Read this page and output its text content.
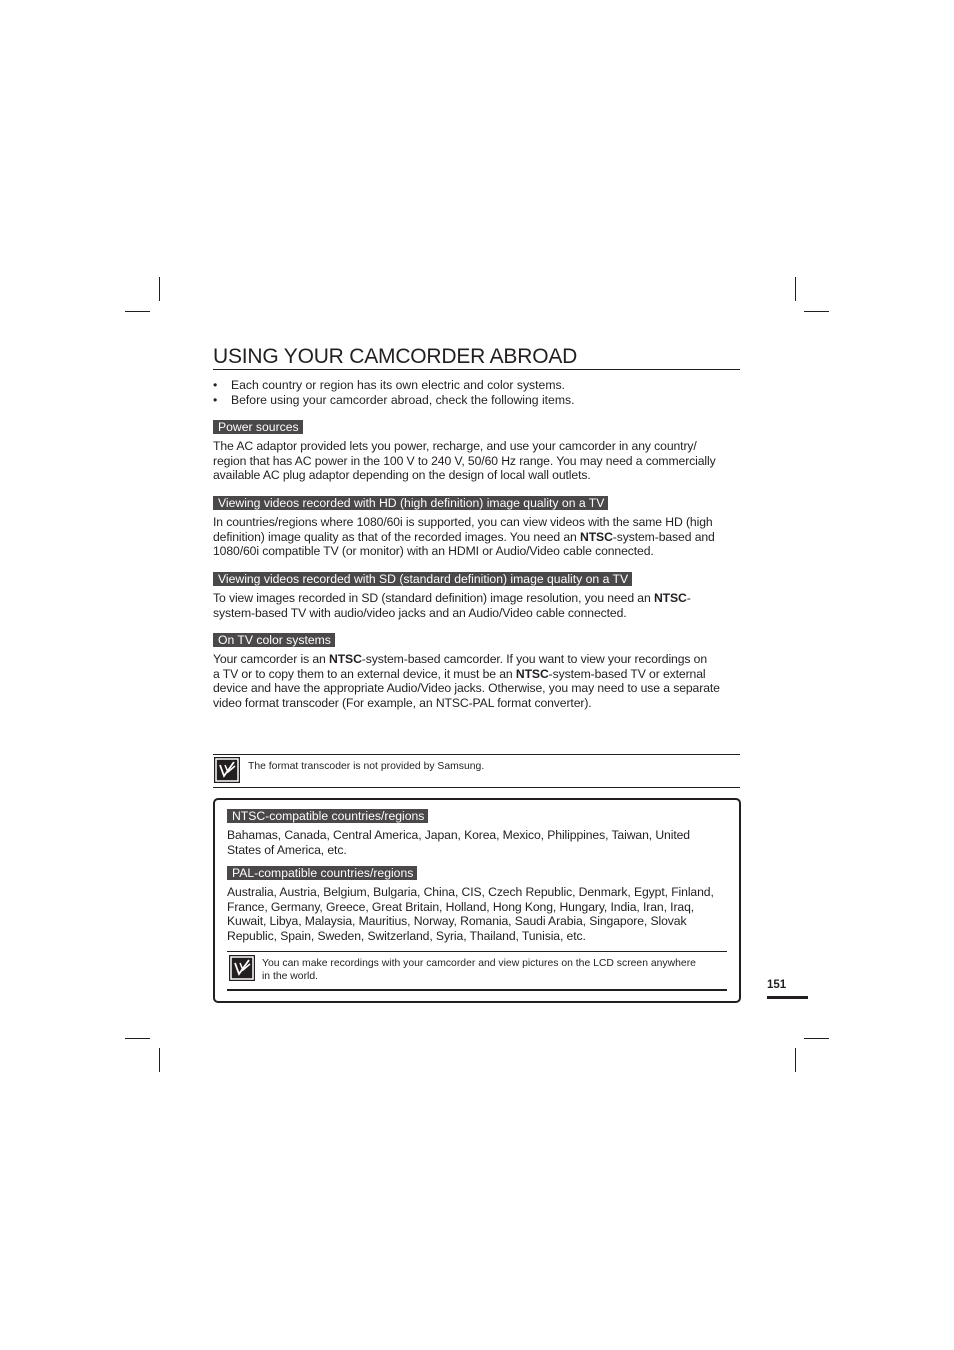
USING YOUR CAMCORDER ABROAD
• Each country or region has its own electric and color systems.
• Before using your camcorder abroad, check the following items.
Power sources
The AC adaptor provided lets you power, recharge, and use your camcorder in any country/
region that has AC power in the 100 V to 240 V, 50/60 Hz range. You may need a commercially
available AC plug adaptor depending on the design of local wall outlets.
Viewing videos recorded with HD (high definition) image quality on a TV
In countries/regions where 1080/60i is supported, you can view videos with the same HD (high
definition) image quality as that of the recorded images. You need an NTSC-system-based and
1080/60i compatible TV (or monitor) with an HDMI or Audio/Video cable connected.
Viewing videos recorded with SD (standard definition) image quality on a TV
To view images recorded in SD (standard definition) image resolution, you need an NTSC-
system-based TV with audio/video jacks and an Audio/Video cable connected.
On TV color systems
Your camcorder is an NTSC-system-based camcorder. If you want to view your recordings on
a TV or to copy them to an external device, it must be an NTSC-system-based TV or external
device and have the appropriate Audio/Video jacks. Otherwise, you may need to use a separate
video format transcoder (For example, an NTSC-PAL format converter).
The format transcoder is not provided by Samsung.
NTSC-compatible countries/regions
Bahamas, Canada, Central America, Japan, Korea, Mexico, Philippines, Taiwan, United
States of America, etc.
PAL-compatible countries/regions
Australia, Austria, Belgium, Bulgaria, China, CIS, Czech Republic, Denmark, Egypt, Finland,
France, Germany, Greece, Great Britain, Holland, Hong Kong, Hungary, India, Iran, Iraq,
Kuwait, Libya, Malaysia, Mauritius, Norway, Romania, Saudi Arabia, Singapore, Slovak
Republic, Spain, Sweden, Switzerland, Syria, Thailand, Tunisia, etc.
You can make recordings with your camcorder and view pictures on the LCD screen anywhere
in the world.
151
